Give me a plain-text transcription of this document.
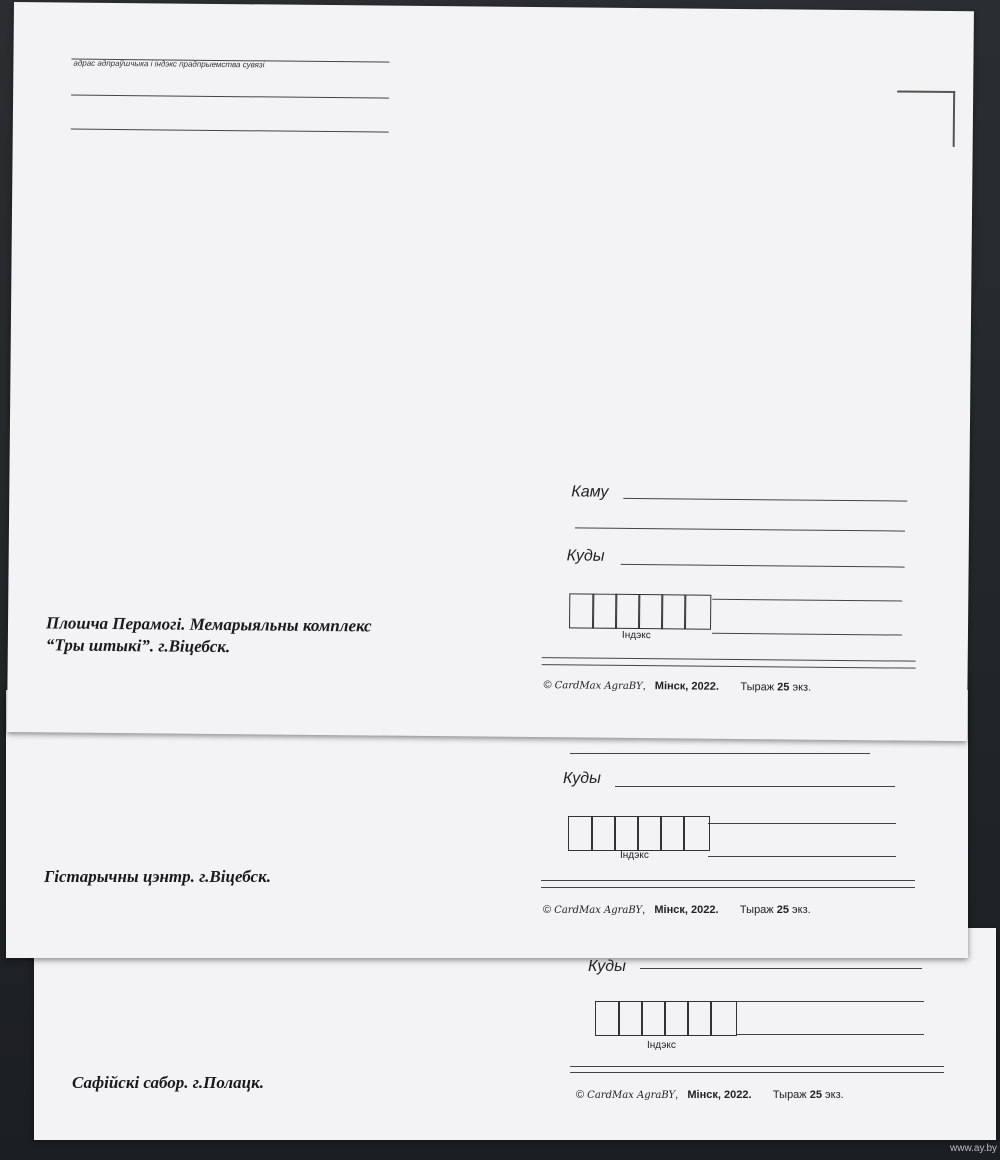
Куды
Індэкс
Сафійскі сабор. г.Полацк.
© CardMax AgraBY,   Мінск, 2022. Тыраж 25 экз.
Куды
Індэкс
Гістарычны цэнтр. г.Віцебск.
© CardMax AgraBY,   Мінск, 2022. Тыраж 25 экз.
адрас адпраўшчыка і індэкс прадпрыемства сувязі
Каму
Куды
Індэкс
Плошча Перамогі. Мемарыяльны комплекс
“Тры штыкі”. г.Віцебск.
© CardMax AgraBY,   Мінск, 2022. Тыраж 25 экз.
www.ay.by
